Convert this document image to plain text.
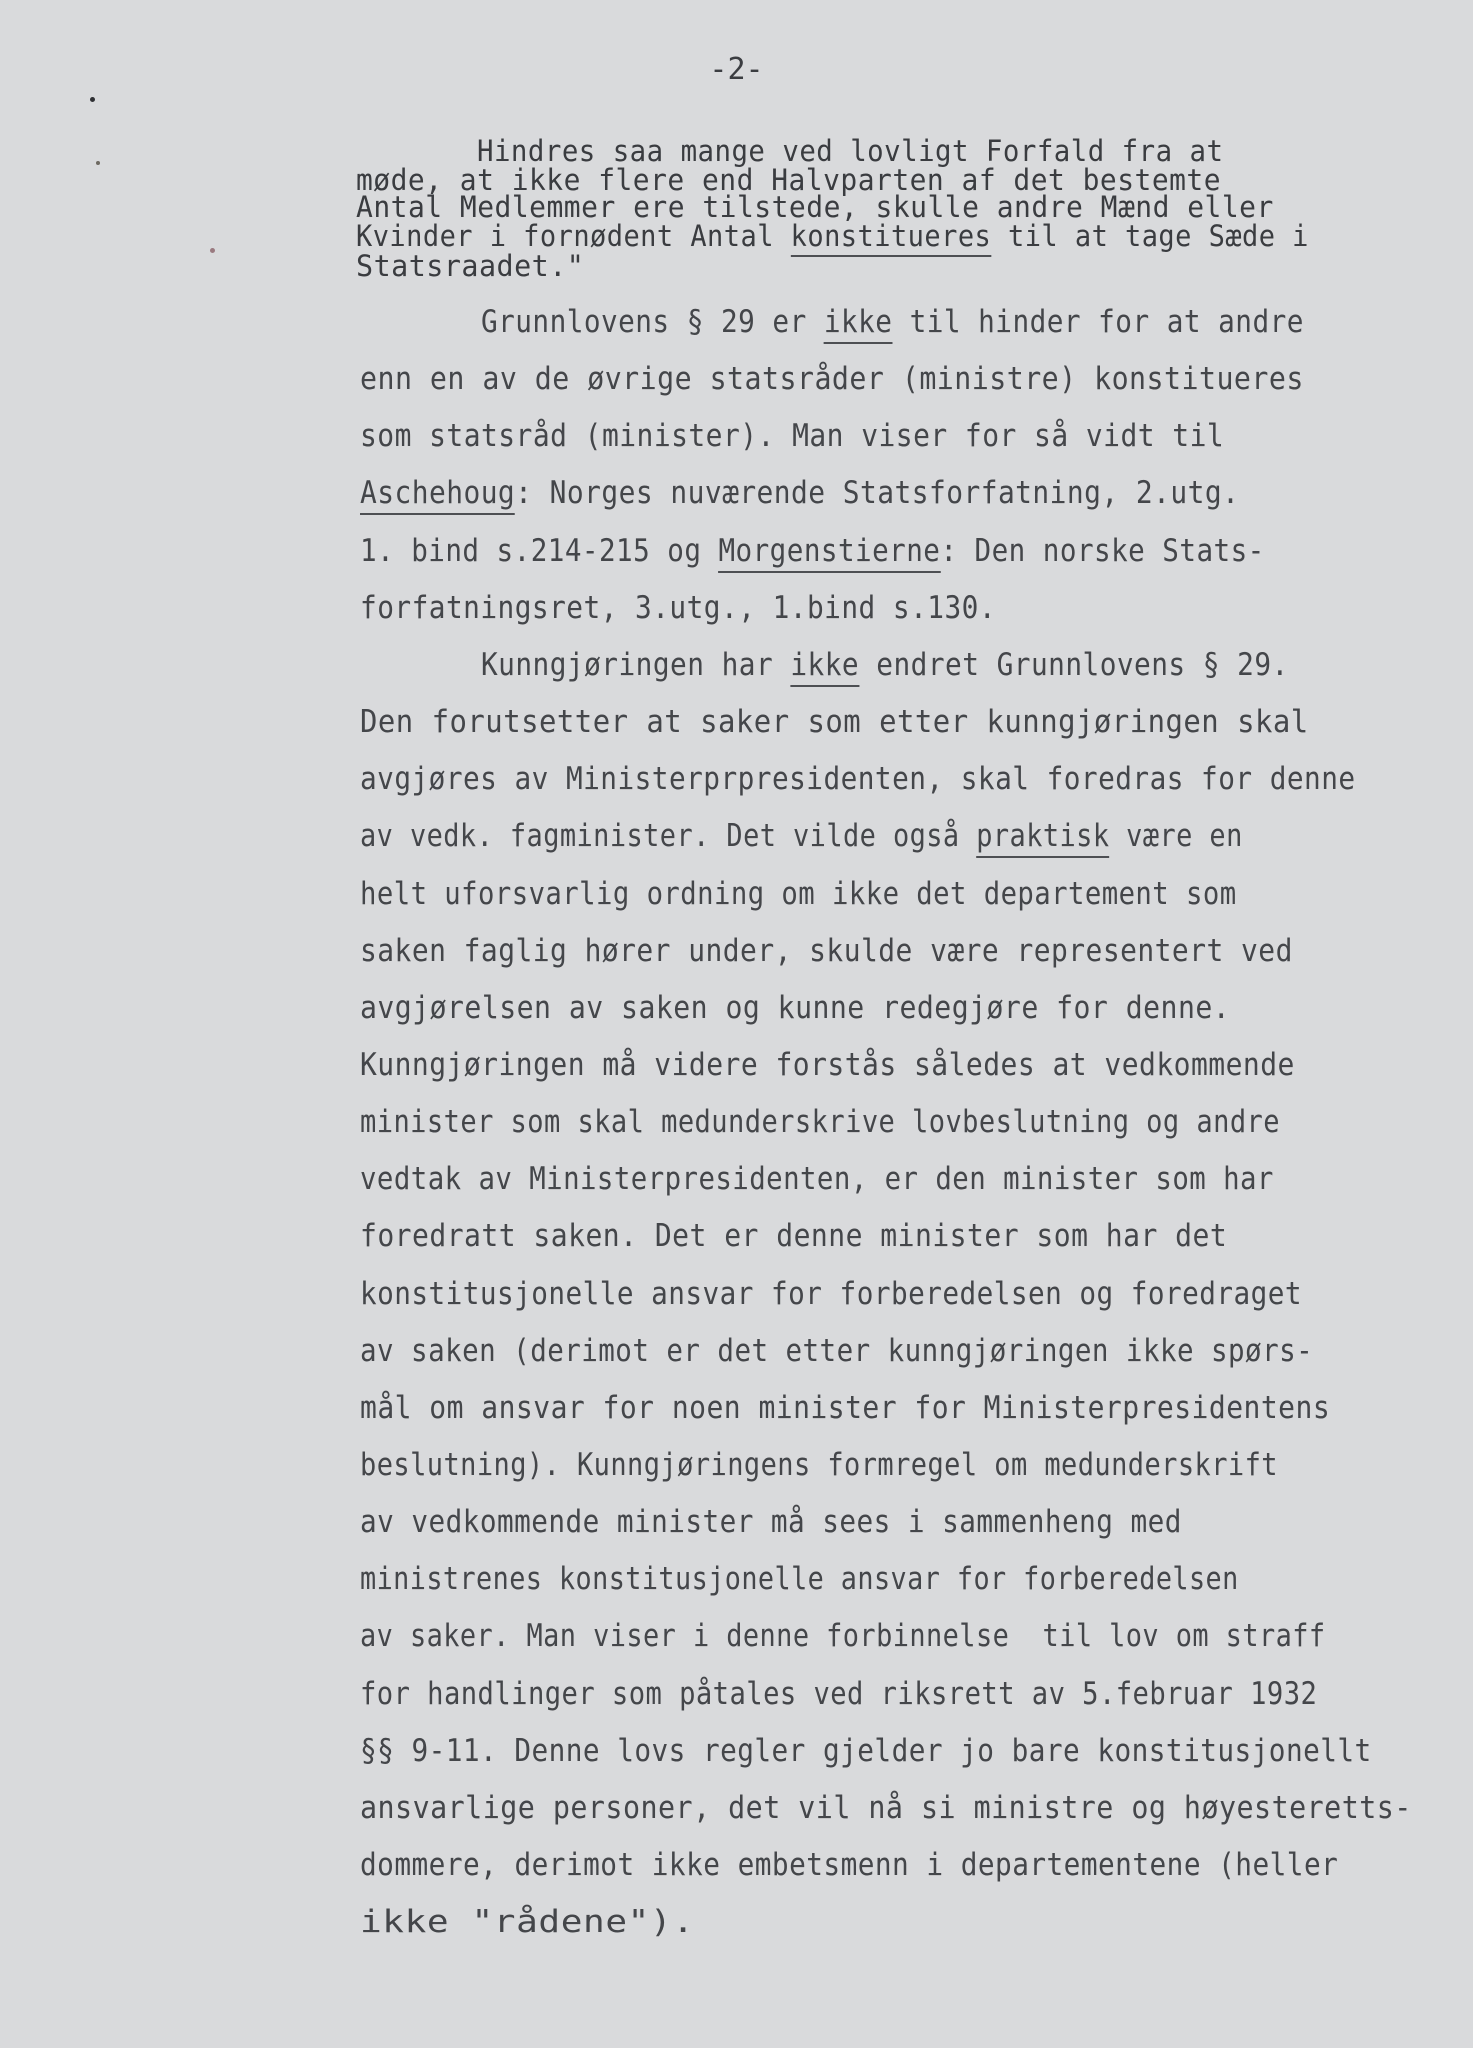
-2-
Hindres saa mange ved lovligt Forfald fra at
møde, at ikke flere end Halvparten af det bestemte
Antal Medlemmer ere tilstede, skulle andre Mænd eller
Kvinder i fornødent Antal konstitueres til at tage Sæde i
Statsraadet."
Grunnlovens § 29 er ikke til hinder for at andre
enn en av de øvrige statsråder (ministre) konstitueres
som statsråd (minister). Man viser for så vidt til
Aschehoug: Norges nuværende Statsforfatning, 2.utg.
1. bind s.214-215 og Morgenstierne: Den norske Stats-
forfatningsret, 3.utg., 1.bind s.130.
Kunngjøringen har ikke endret Grunnlovens § 29.
Den forutsetter at saker som etter kunngjøringen skal
avgjøres av Ministerprpresidenten, skal foredras for denne
av vedk. fagminister. Det vilde også praktisk være en
helt uforsvarlig ordning om ikke det departement som
saken faglig hører under, skulde være representert ved
avgjørelsen av saken og kunne redegjøre for denne.
Kunngjøringen må videre forstås således at vedkommende
minister som skal medunderskrive lovbeslutning og andre
vedtak av Ministerpresidenten, er den minister som har
foredratt saken. Det er denne minister som har det
konstitusjonelle ansvar for forberedelsen og foredraget
av saken (derimot er det etter kunngjøringen ikke spørs-
mål om ansvar for noen minister for Ministerpresidentens
beslutning). Kunngjøringens formregel om medunderskrift
av vedkommende minister må sees i sammenheng med
ministrenes konstitusjonelle ansvar for forberedelsen
av saker. Man viser i denne forbinnelse  til lov om straff
for handlinger som påtales ved riksrett av 5.februar 1932
§§ 9-11. Denne lovs regler gjelder jo bare konstitusjonellt
ansvarlige personer, det vil nå si ministre og høyesteretts-
dommere, derimot ikke embetsmenn i departementene (heller
ikke "rådene").
